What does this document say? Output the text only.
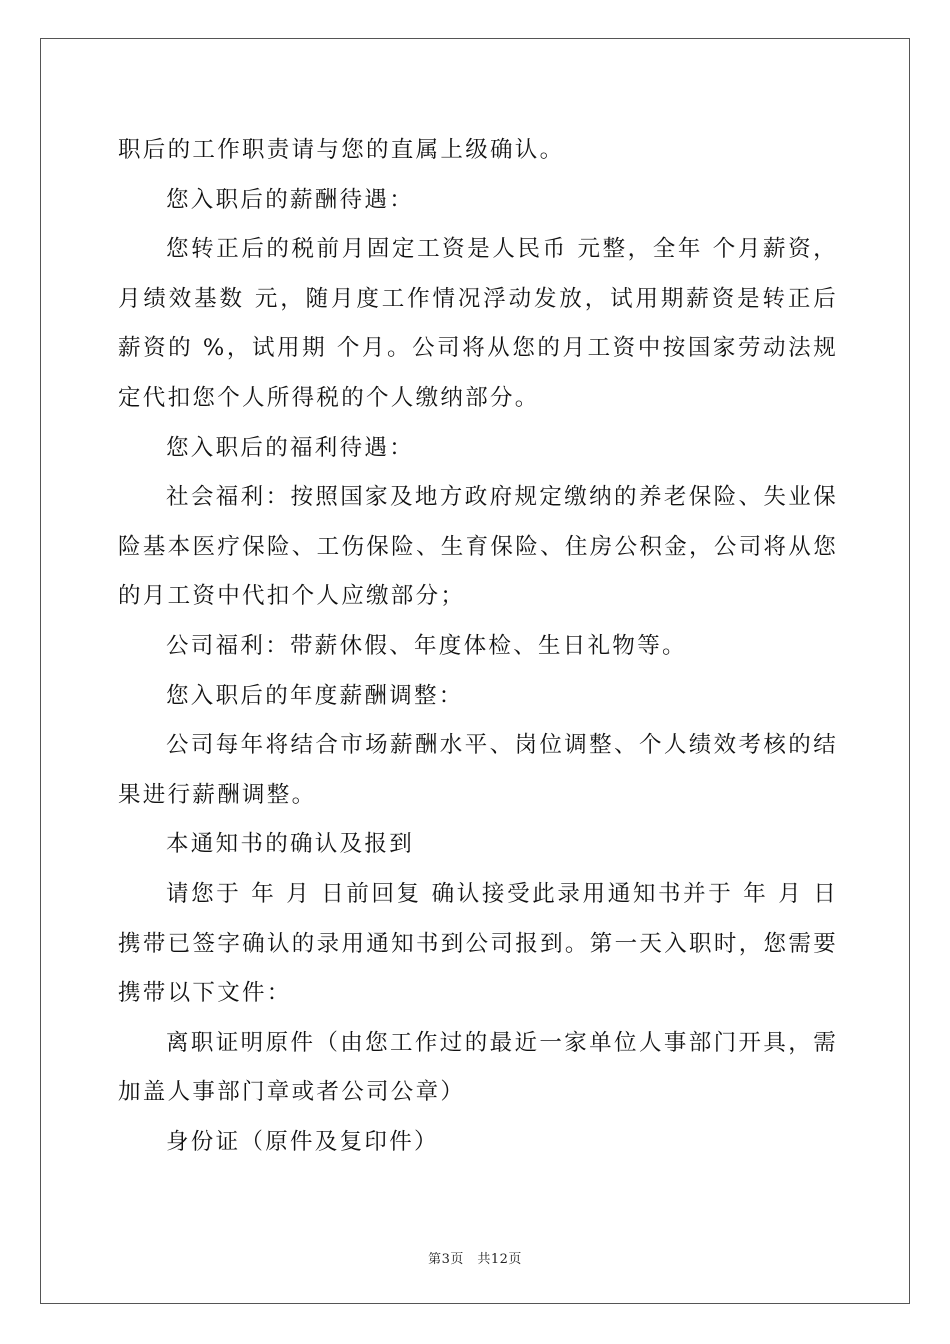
职后的工作职责请与您的直属上级确认。

您入职后的薪酬待遇：

您转正后的税前月固定工资是人民币 元整，全年 个月薪资，月绩效基数 元，随月度工作情况浮动发放，试用期薪资是转正后薪资的 %，试用期 个月。公司将从您的月工资中按国家劳动法规定代扣您个人所得税的个人缴纳部分。

您入职后的福利待遇：

社会福利：按照国家及地方政府规定缴纳的养老保险、失业保险基本医疗保险、工伤保险、生育保险、住房公积金，公司将从您的月工资中代扣个人应缴部分；

公司福利：带薪休假、年度体检、生日礼物等。

您入职后的年度薪酬调整：

公司每年将结合市场薪酬水平、岗位调整、个人绩效考核的结果进行薪酬调整。

本通知书的确认及报到

请您于 年 月 日前回复 确认接受此录用通知书并于 年 月 日携带已签字确认的录用通知书到公司报到。第一天入职时，您需要携带以下文件：

离职证明原件（由您工作过的最近一家单位人事部门开具，需加盖人事部门章或者公司公章）

身份证（原件及复印件）

第3页　共12页
